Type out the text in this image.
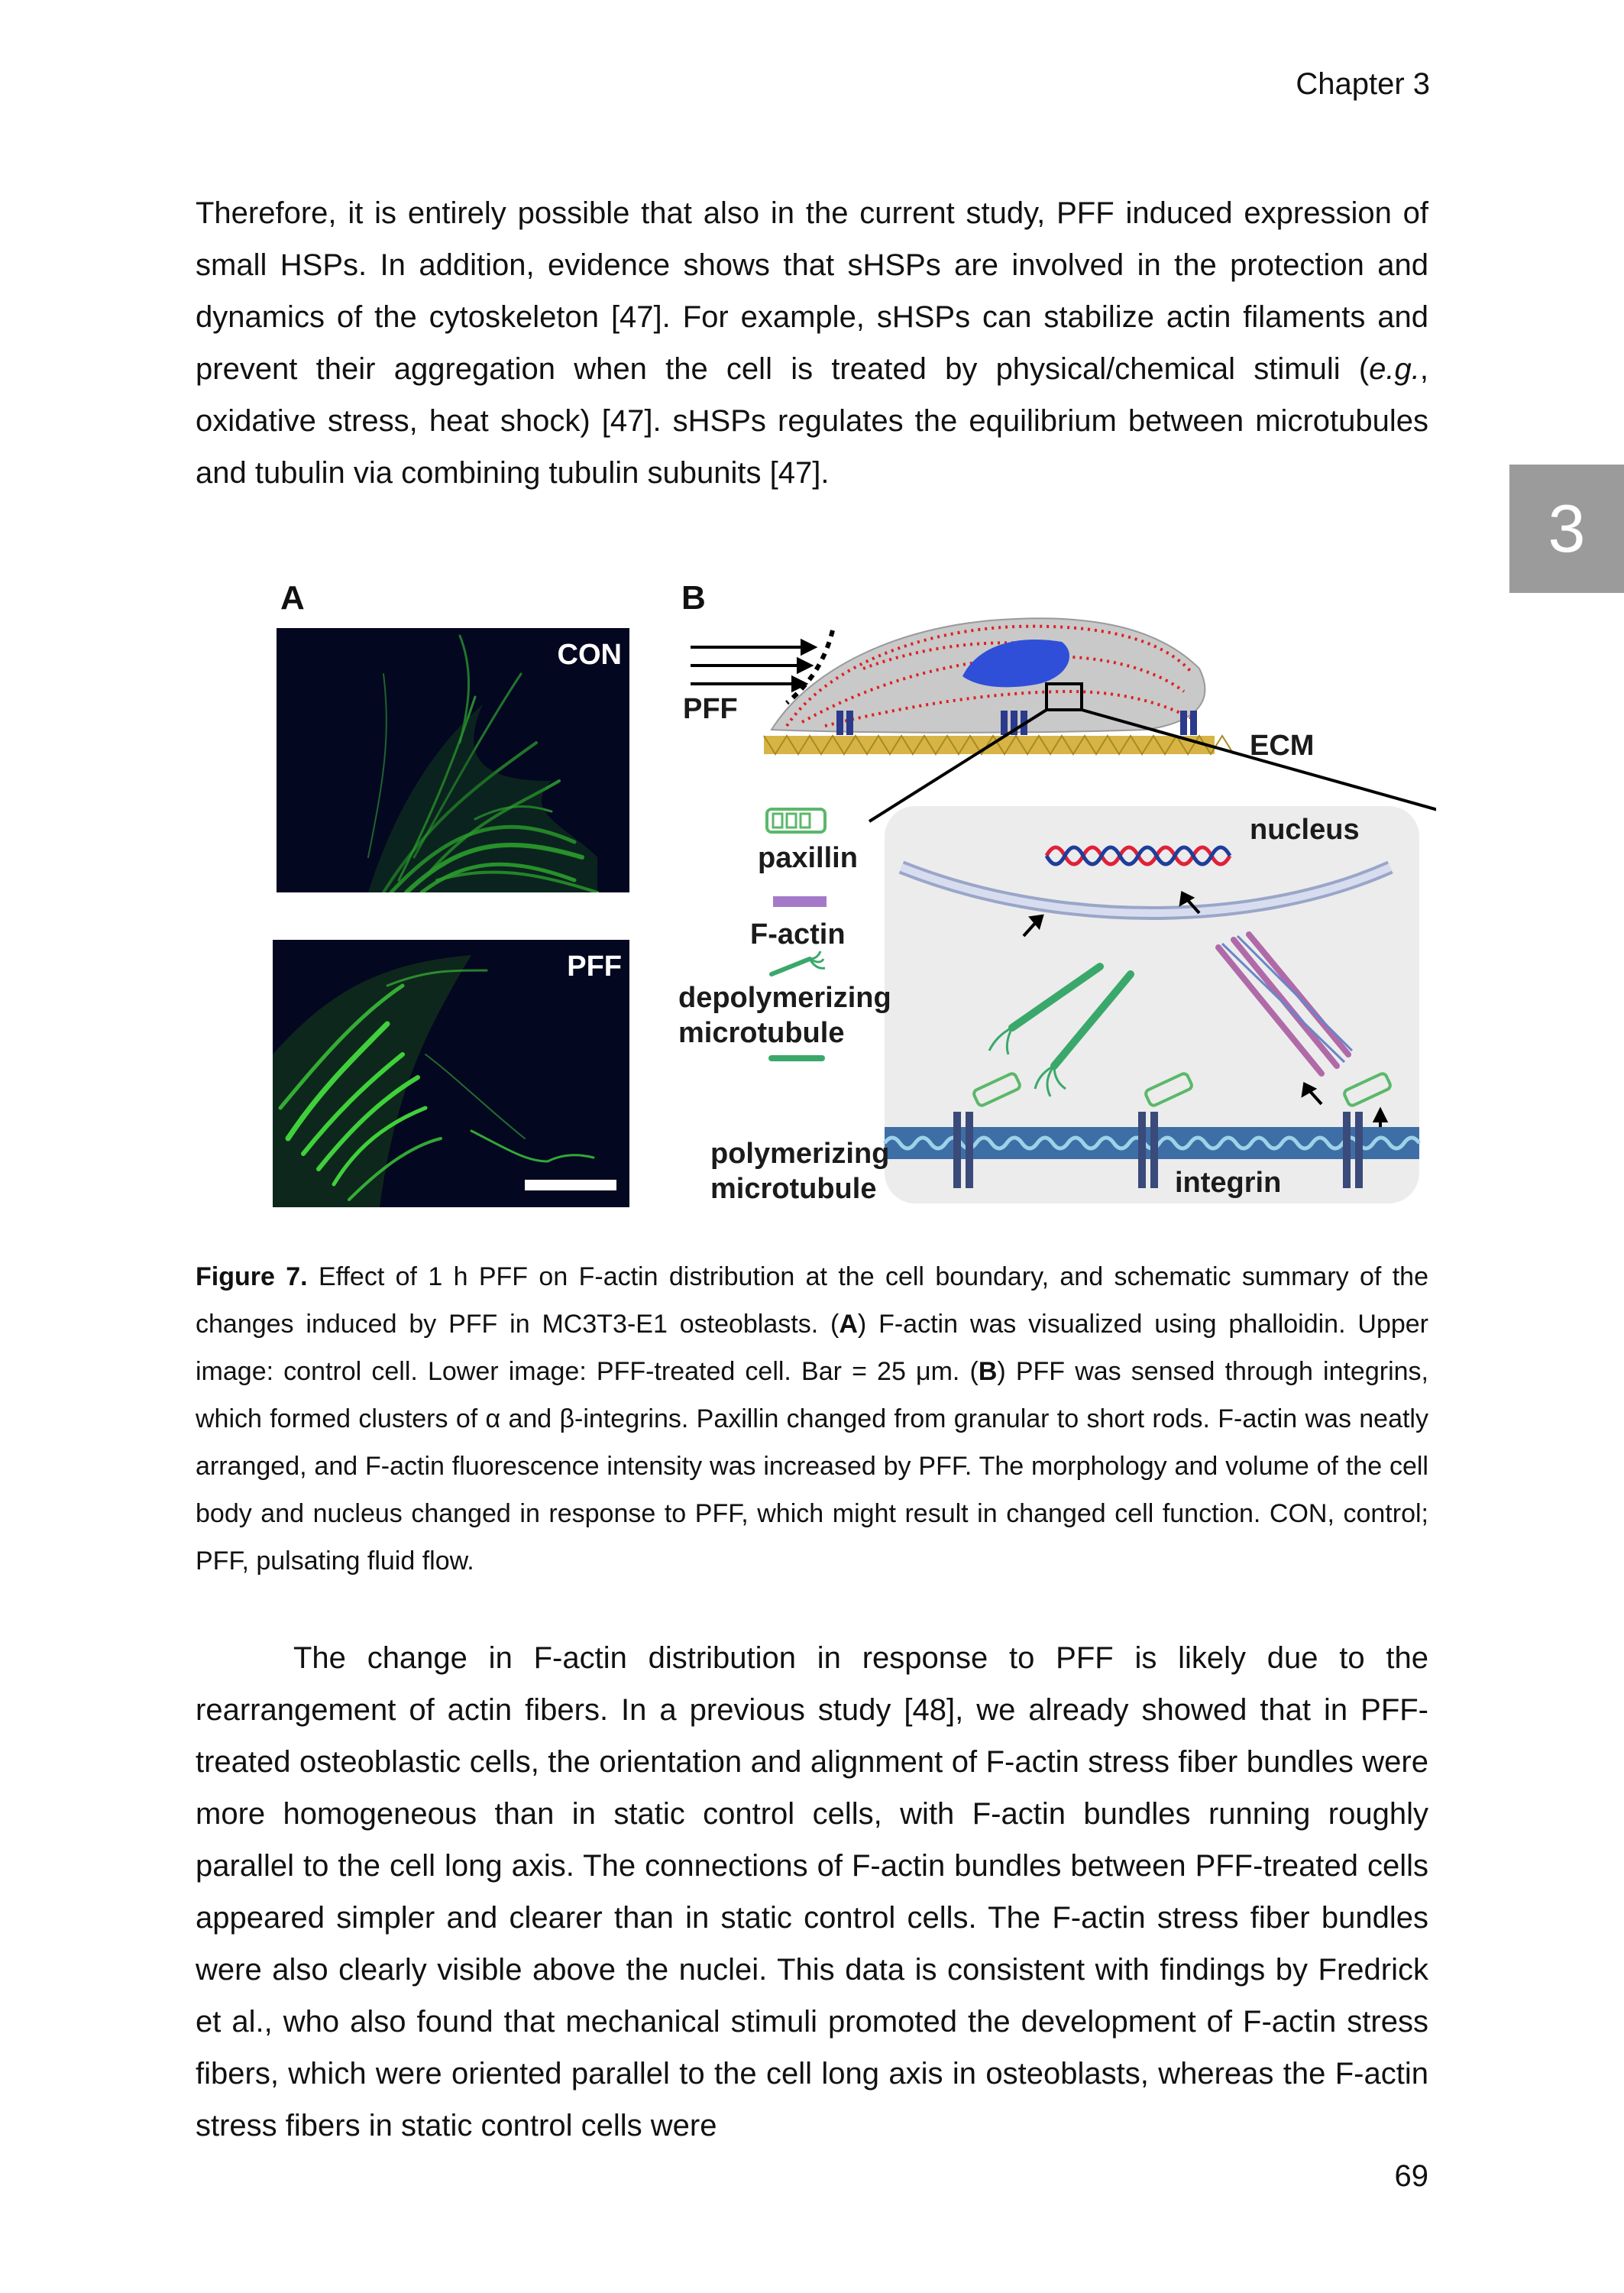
Chapter 3
3

Therefore, it is entirely possible that also in the current study, PFF induced expression of small HSPs. In addition, evidence shows that sHSPs are involved in the protection and dynamics of the cytoskeleton [47]. For example, sHSPs can stabilize actin filaments and prevent their aggregation when the cell is treated by physical/chemical stimuli (e.g., oxidative stress, heat shock) [47]. sHSPs regulates the equilibrium between microtubules and tubulin via combining tubulin subunits [47].

A	B
CON
PFF
PFF
ECM
nucleus
integrin
paxillin
F-actin
depolymerizing
microtubule
polymerizing
microtubule

Figure 7. Effect of 1 h PFF on F-actin distribution at the cell boundary, and schematic summary of the changes induced by PFF in MC3T3-E1 osteoblasts. (A) F-actin was visualized using phalloidin. Upper image: control cell. Lower image: PFF-treated cell. Bar = 25 μm. (B) PFF was sensed through integrins, which formed clusters of α and β-integrins. Paxillin changed from granular to short rods. F-actin was neatly arranged, and F-actin fluorescence intensity was increased by PFF. The morphology and volume of the cell body and nucleus changed in response to PFF, which might result in changed cell function. CON, control; PFF, pulsating fluid flow.

The change in F-actin distribution in response to PFF is likely due to the rearrangement of actin fibers. In a previous study [48], we already showed that in PFF-treated osteoblastic cells, the orientation and alignment of F-actin stress fiber bundles were more homogeneous than in static control cells, with F-actin bundles running roughly parallel to the cell long axis. The connections of F-actin bundles between PFF-treated cells appeared simpler and clearer than in static control cells. The F-actin stress fiber bundles were also clearly visible above the nuclei. This data is consistent with findings by Fredrick et al., who also found that mechanical stimuli promoted the development of F-actin stress fibers, which were oriented parallel to the cell long axis in osteoblasts, whereas the F-actin stress fibers in static control cells were

69
